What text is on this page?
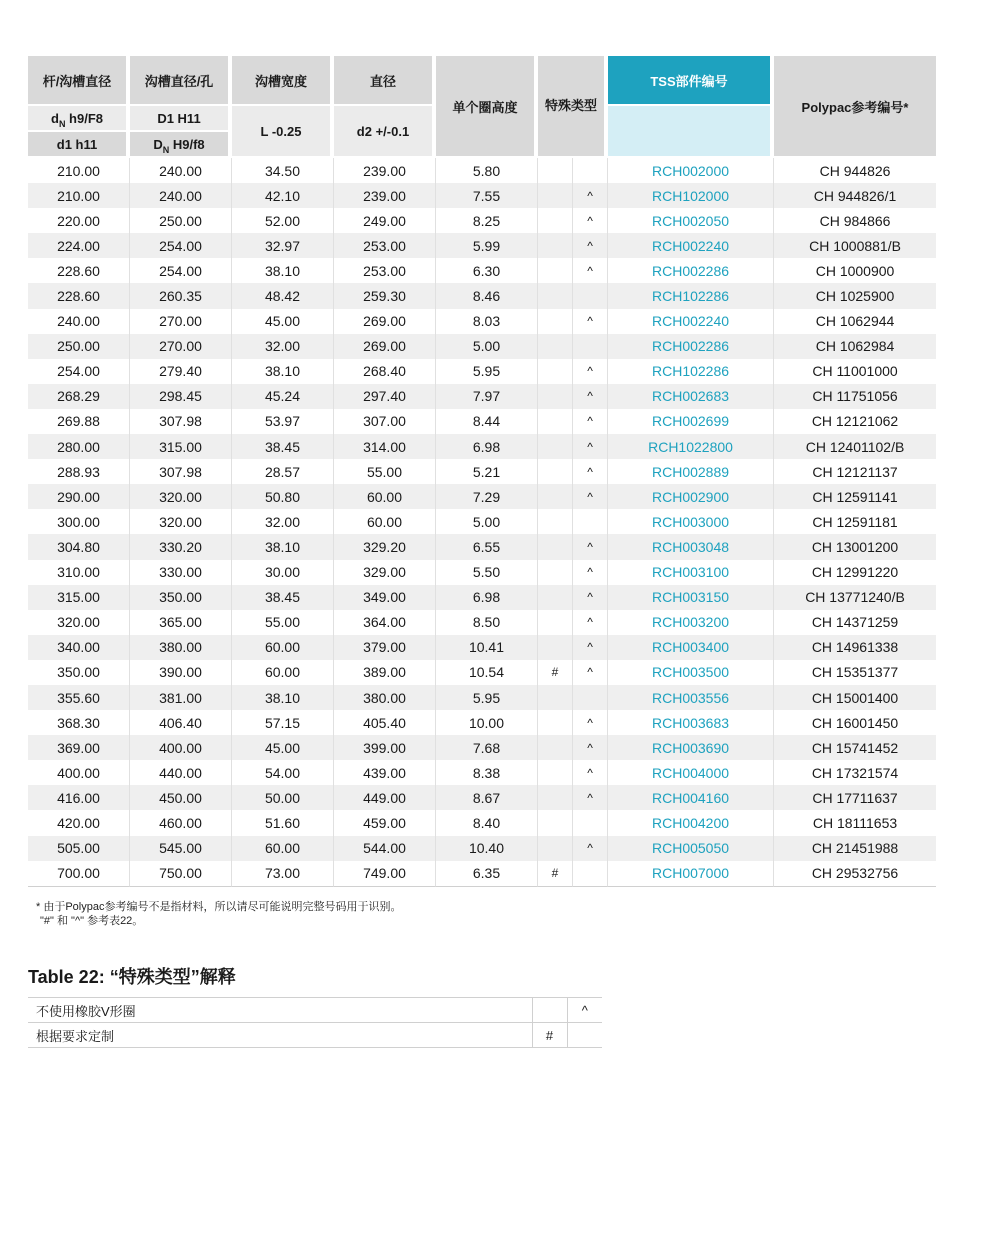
杆/沟槽直径	沟槽直径/孔	沟槽宽度	直径	单个圈高度	特殊类型		TSS部件编号	Polypac参考编号*
$d_N$ h9/F8	D1 H11	L -0.25	d2 +/-0.1					
d1 h11	$D_N$ H9/f8							
210.00	240.00	34.50	239.00	5.80			RCH002000	CH 944826
210.00	240.00	42.10	239.00	7.55		^	RCH102000	CH 944826/1
220.00	250.00	52.00	249.00	8.25		^	RCH002050	CH 984866
224.00	254.00	32.97	253.00	5.99		^	RCH002240	CH 1000881/B
228.60	254.00	38.10	253.00	6.30		^	RCH002286	CH 1000900
228.60	260.35	48.42	259.30	8.46			RCH102286	CH 1025900
240.00	270.00	45.00	269.00	8.03		^	RCH002240	CH 1062944
250.00	270.00	32.00	269.00	5.00			RCH002286	CH 1062984
254.00	279.40	38.10	268.40	5.95		^	RCH102286	CH 11001000
268.29	298.45	45.24	297.40	7.97		^	RCH002683	CH 11751056
269.88	307.98	53.97	307.00	8.44		^	RCH002699	CH 12121062
280.00	315.00	38.45	314.00	6.98		^	RCH1022800	CH 12401102/B
288.93	307.98	28.57	55.00	5.21		^	RCH002889	CH 12121137
290.00	320.00	50.80	60.00	7.29		^	RCH002900	CH 12591141
300.00	320.00	32.00	60.00	5.00			RCH003000	CH 12591181
304.80	330.20	38.10	329.20	6.55		^	RCH003048	CH 13001200
310.00	330.00	30.00	329.00	5.50		^	RCH003100	CH 12991220
315.00	350.00	38.45	349.00	6.98		^	RCH003150	CH 13771240/B
320.00	365.00	55.00	364.00	8.50		^	RCH003200	CH 14371259
340.00	380.00	60.00	379.00	10.41		^	RCH003400	CH 14961338
350.00	390.00	60.00	389.00	10.54	#	^	RCH003500	CH 15351377
355.60	381.00	38.10	380.00	5.95			RCH003556	CH 15001400
368.30	406.40	57.15	405.40	10.00		^	RCH003683	CH 16001450
369.00	400.00	45.00	399.00	7.68		^	RCH003690	CH 15741452
400.00	440.00	54.00	439.00	8.38		^	RCH004000	CH 17321574
416.00	450.00	50.00	449.00	8.67		^	RCH004160	CH 17711637
420.00	460.00	51.60	459.00	8.40			RCH004200	CH 18111653
505.00	545.00	60.00	544.00	10.40		^	RCH005050	CH 21451988
700.00	750.00	73.00	749.00	6.35	#		RCH007000	CH 29532756
* 由于Polypac参考编号不是指材料，所以请尽可能说明完整号码用于识别。
"#" 和 "^" 参考表22。
Table 22: “特殊类型”解释
不使用橡胶V形圈		^
根据要求定制	#	
